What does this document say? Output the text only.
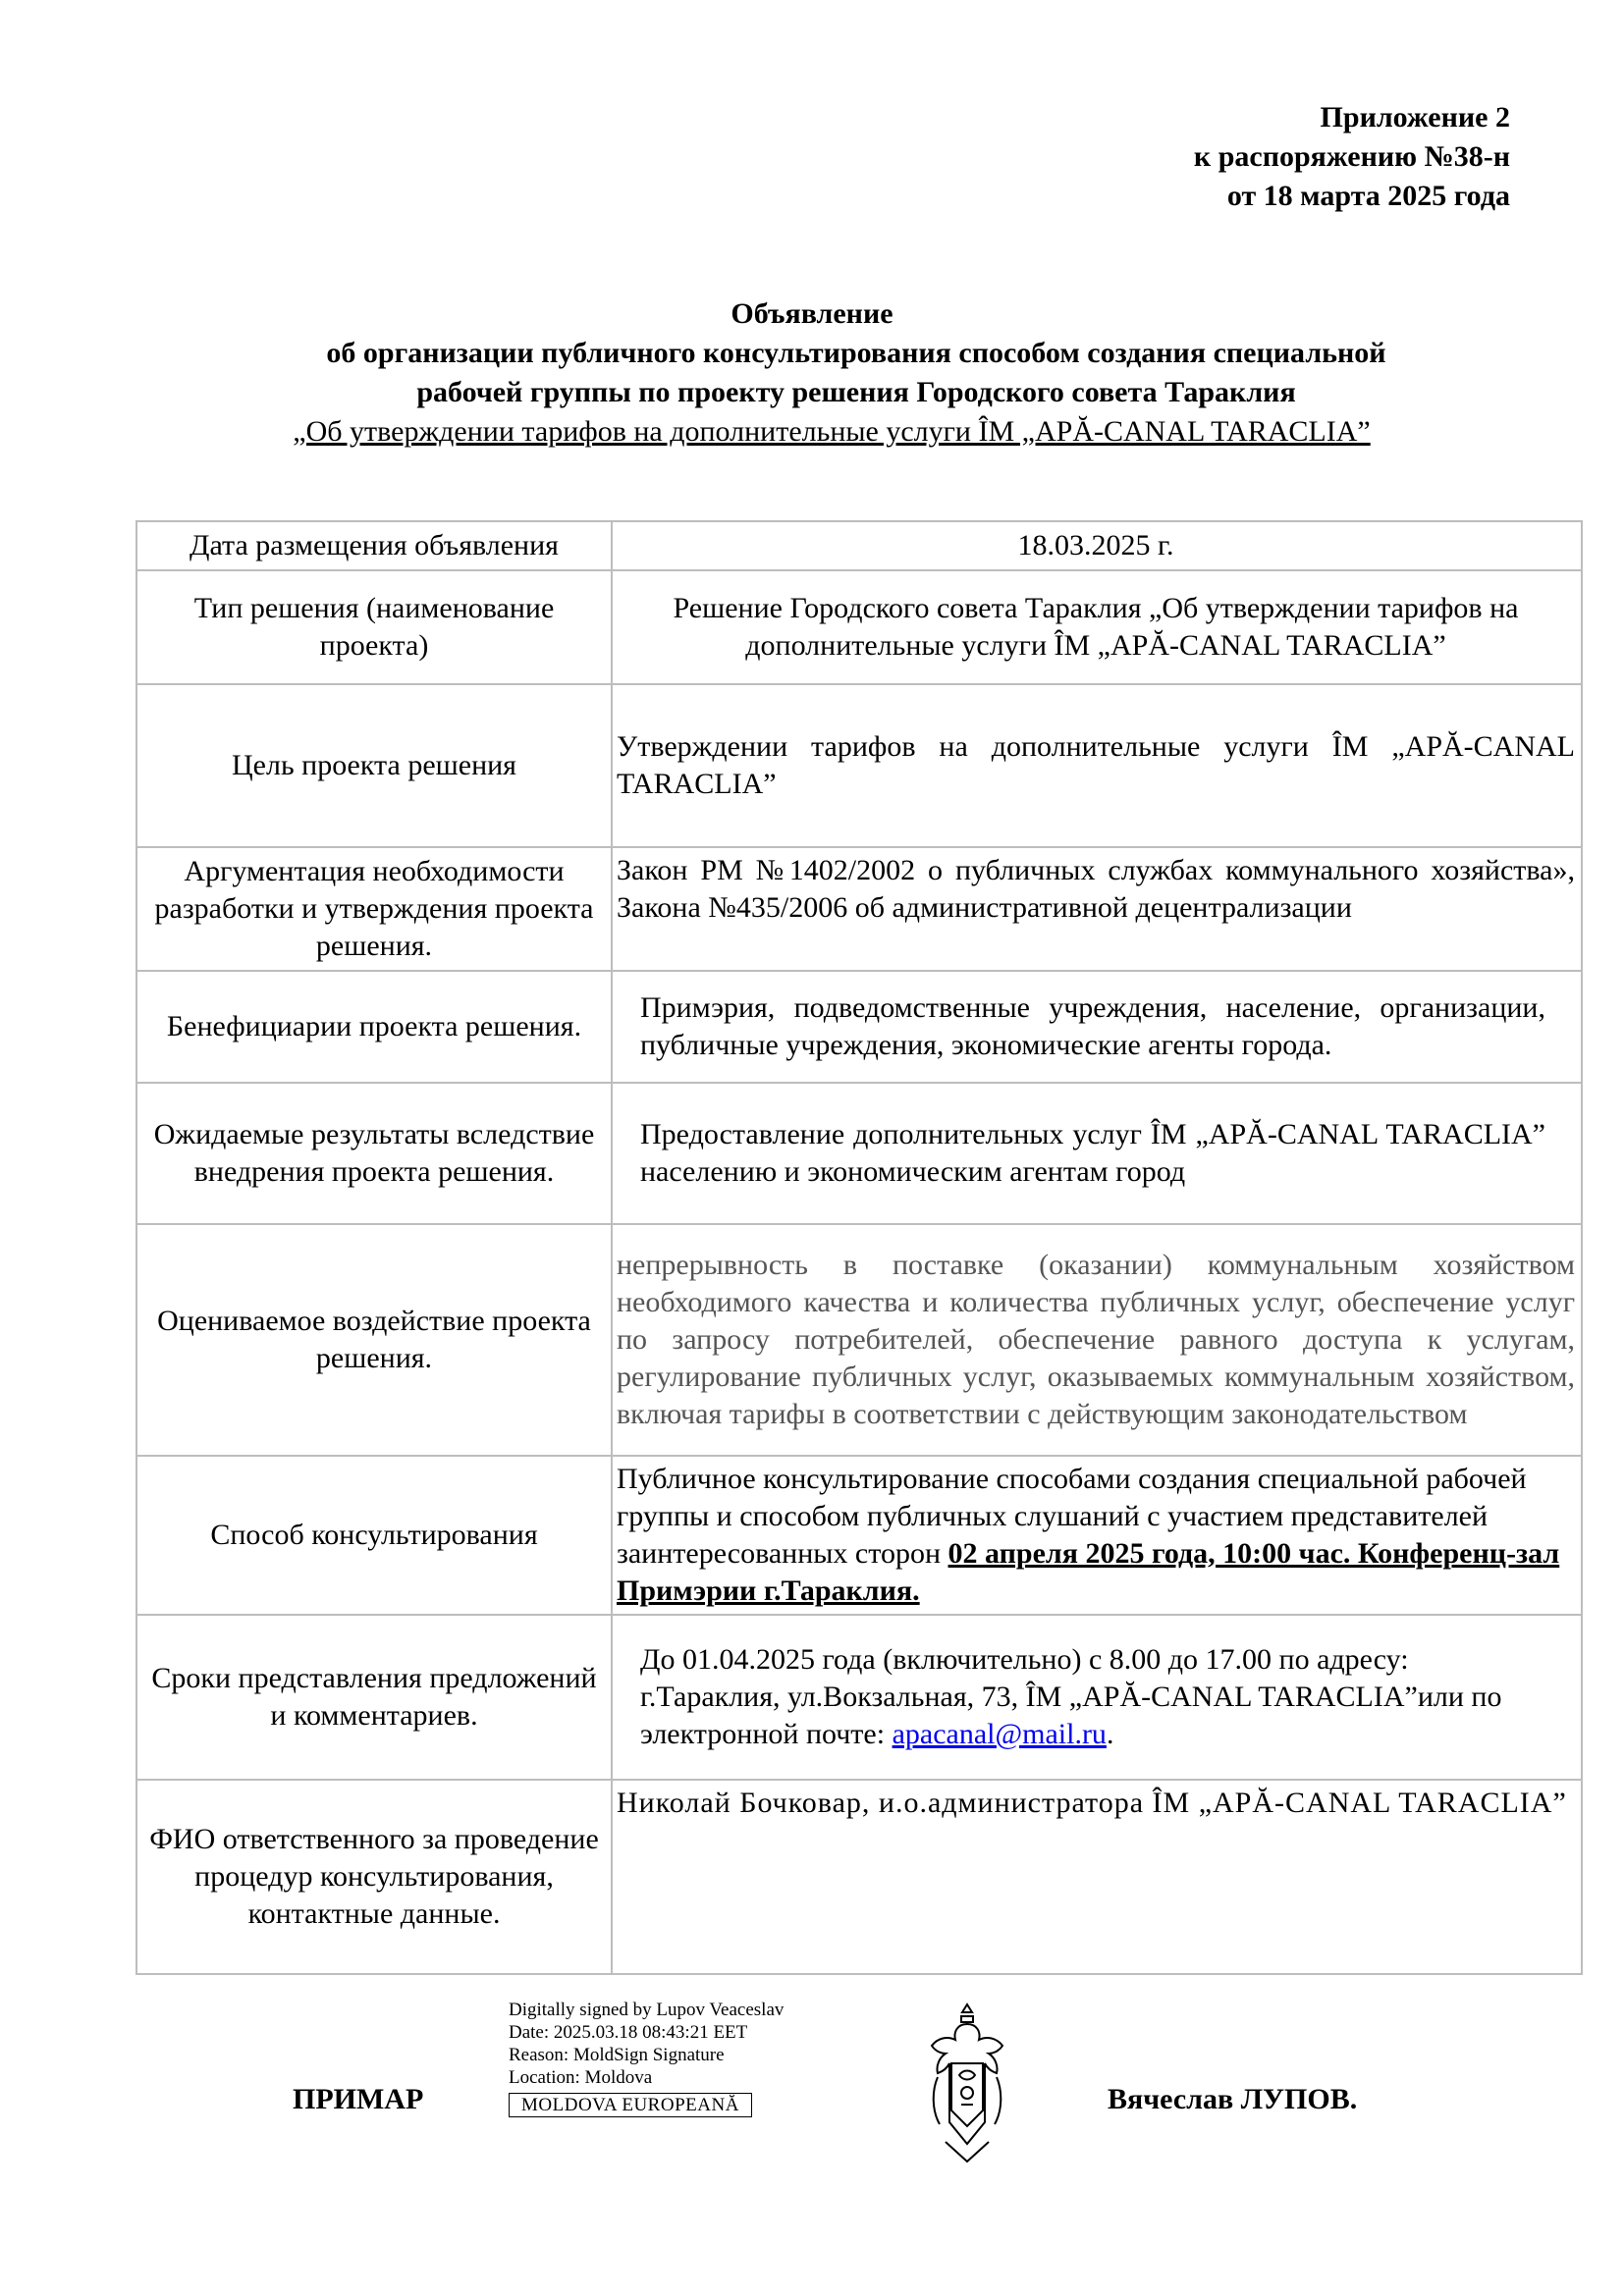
Приложение 2
к распоряжению №38-н
от 18 марта 2025 года
Объявление
об организации публичного консультирования способом создания специальной
рабочей группы по проекту решения Городского совета Тараклия
„Об утверждении тарифов на дополнительные услуги ÎM „APĂ-CANAL TARACLIA”
Дата размещения объявления	18.03.2025 г.
Тип решения (наименование проекта)	Решение Городского совета Тараклия „Об утверждении тарифов на дополнительные услуги ÎM „APĂ-CANAL TARACLIA”
Цель проекта решения	Утверждении тарифов на дополнительные услуги ÎM „APĂ-CANAL TARACLIA”
Аргументация необходимости разработки и утверждения проекта решения.	Закон РМ №1402/2002 о публичных службах коммунального хозяйства», Закона №435/2006 об административной децентрализации
Бенефициарии проекта решения.	Примэрия, подведомственные учреждения, население, организации, публичные учреждения, экономические агенты города.
Ожидаемые результаты вследствие внедрения проекта решения.	Предоставление дополнительных услуг ÎM „APĂ-CANAL TARACLIA” населению и экономическим агентам город
Оцениваемое воздействие проекта решения.	непрерывность в поставке (оказании) коммунальным хозяйством необходимого качества и количества публичных услуг, обеспечение услуг по запросу потребителей, обеспечение равного доступа к услугам, регулирование публичных услуг, оказываемых коммунальным хозяйством, включая тарифы в соответствии с действующим законодательством
Способ консультирования	Публичное консультирование способами создания специальной рабочей группы и способом публичных слушаний с участием представителей заинтересованных сторон 02 апреля 2025 года, 10:00 час. Конференц-зал Примэрии г.Тараклия.
Сроки представления предложений и комментариев.	До 01.04.2025 года (включительно) с 8.00 до 17.00 по адресу: г.Тараклия, ул.Вокзальная, 73, ÎM „APĂ-CANAL TARACLIA”или по электронной почте: apacanal@mail.ru.
ФИО ответственного за проведение процедур консультирования, контактные данные.	Николай Бочковар, и.о.администратора ÎM „APĂ-CANAL TARACLIA”
ПРИМАР
Digitally signed by Lupov Veaceslav
Date: 2025.03.18 08:43:21 EET
Reason: MoldSign Signature
Location: Moldova
MOLDOVA EUROPEANĂ	Вячеслав ЛУПОВ.
